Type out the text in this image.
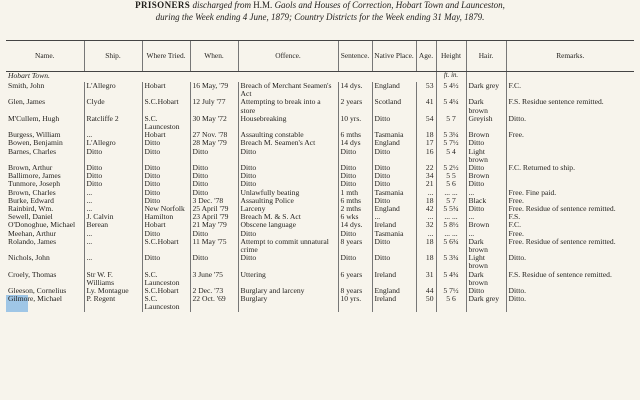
PRISONERS discharged from H.M. Gaols and Houses of Correction, Hobart Town and Launceston,
during the Week ending 4 June, 1879; Country Districts for the Week ending 31 May, 1879.
Name.	Ship.	Where Tried.	When.	Offence.	Sentence.	Native Place.	Age.	Height	Hair.	Remarks.
Hobart Town.								ft. in.		
Smith, John	L'Allegro	Hobart	16 May, '79	Breach of Merchant Seamen's Act	14 dys.	England	53	5 4½	Dark grey	F.C.
Glen, James	Clyde	S.C.Hobart	12 July '77	Attempting to break into a store	2 years	Scotland	41	5 4¼	Dark brown	F.S. Residue sentence remitted.
M'Cullem, Hugh	Ratcliffe 2	S.C. Launceston	30 May '72	Housebreaking	10 yrs.	Ditto	54	5 7	Greyish	Ditto.
Burgess, William	...	Hobart	27 Nov. '78	Assaulting constable	6 mths	Tasmania	18	5 3¼	Brown	Free.
Bowen, Benjamin	L'Allegro	Ditto	28 May '79	Breach M. Seamen's Act	14 dys	England	17	5 7½	Ditto	
Barnes, Charles	Ditto	Ditto	Ditto	Ditto	Ditto	Ditto	16	5 4	Light brown	
Brown, Arthur	Ditto	Ditto	Ditto	Ditto	Ditto	Ditto	22	5 2½	Ditto	F.C. Returned to ship.
Ballimore, James	Ditto	Ditto	Ditto	Ditto	Ditto	Ditto	34	5 5	Brown	
Tunmore, Joseph	Ditto	Ditto	Ditto	Ditto	Ditto	Ditto	21	5 6	Ditto	
Brown, Charles	...	Ditto	Ditto	Unlawfully beating	1 mth	Tasmania	...	... ...	...	Free. Fine paid.
Burke, Edward	...	Ditto	3 Dec. '78	Assaulting Police	6 mths	Ditto	18	5 7	Black	Free.
Rainbird, Wm.	...	New Norfolk	25 April '79	Larceny	2 mths	England	42	5 5¾	Ditto	Free. Residue of sentence remitted.
Sewell, Daniel	J. Calvin	Hamilton	23 April '79	Breach M. & S. Act	6 wks	...	...	... ...	...	F.S.
O'Donoghue, Michael	Berean	Hobart	21 May '79	Obscene language	14 dys.	Ireland	32	5 8½	Brown	F.C.
Meehan, Arthur	...	Ditto	Ditto	Ditto	Ditto	Tasmania	...	... ...	...	Free.
Rolando, James	...	S.C.Hobart	11 May '75	Attempt to commit unnatural crime	8 years	Ditto	18	5 6¾	Dark brown	Free. Residue of sentence remitted.
Nichols, John	...	Ditto	Ditto	Ditto	Ditto	Ditto	18	5 3¾	Light brown	Ditto.
Croely, Thomas	Str W. F. Williams	S.C. Launceston	3 June '75	Uttering	6 years	Ireland	31	5 4¾	Dark brown	F.S. Residue of sentence remitted.
Gleeson, Cornelius	Ly. Montague	S.C.Hobart	2 Dec. '73	Burglary and larceny	8 years	England	44	5 7½	Ditto	Ditto.
Gilmore, Michael	P. Regent	S.C. Launceston	22 Oct. '69	Burglary	10 yrs.	Ireland	50	5 6	Dark grey	Ditto.
